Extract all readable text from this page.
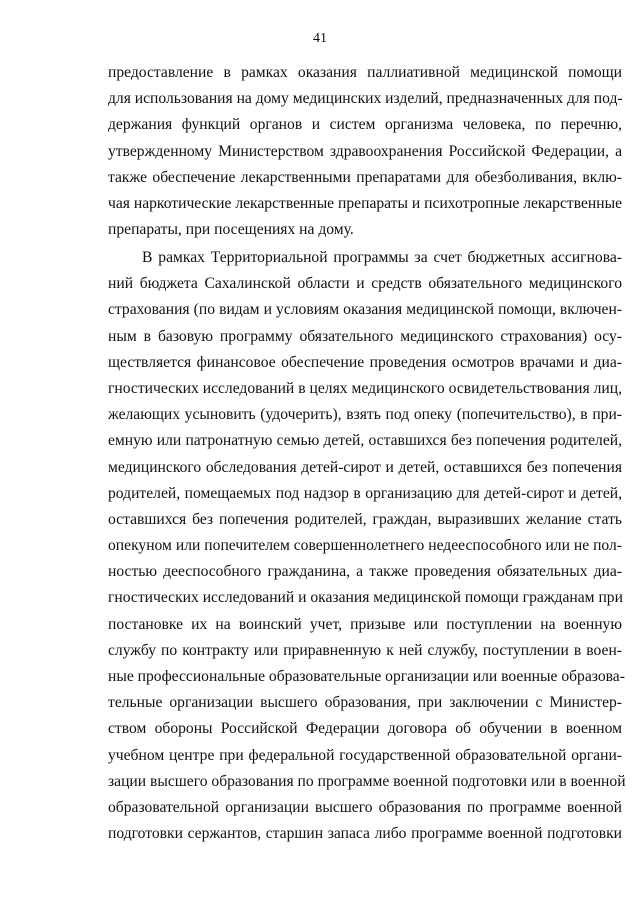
41
предоставление в рамках оказания паллиативной медицинской помощи
для использования на дому медицинских изделий, предназначенных для под-
держания функций органов и систем организма человека, по перечню,
утвержденному Министерством здравоохранения Российской Федерации, а
также обеспечение лекарственными препаратами для обезболивания, вклю-
чая наркотические лекарственные препараты и психотропные лекарственные
препараты, при посещениях на дому.
В рамках Территориальной программы за счет бюджетных ассигнова-
ний бюджета Сахалинской области и средств обязательного медицинского
страхования (по видам и условиям оказания медицинской помощи, включен-
ным в базовую программу обязательного медицинского страхования) осу-
ществляется финансовое обеспечение проведения осмотров врачами и диа-
гностических исследований в целях медицинского освидетельствования лиц,
желающих усыновить (удочерить), взять под опеку (попечительство), в при-
емную или патронатную семью детей, оставшихся без попечения родителей,
медицинского обследования детей-сирот и детей, оставшихся без попечения
родителей, помещаемых под надзор в организацию для детей-сирот и детей,
оставшихся без попечения родителей, граждан, выразивших желание стать
опекуном или попечителем совершеннолетнего недееспособного или не пол-
ностью дееспособного гражданина, а также проведения обязательных диа-
гностических исследований и оказания медицинской помощи гражданам при
постановке их на воинский учет, призыве или поступлении на военную
службу по контракту или приравненную к ней службу, поступлении в воен-
ные профессиональные образовательные организации или военные образова-
тельные организации высшего образования, при заключении с Министер-
ством обороны Российской Федерации договора об обучении в военном
учебном центре при федеральной государственной образовательной органи-
зации высшего образования по программе военной подготовки или в военной
образовательной организации высшего образования по программе военной
подготовки сержантов, старшин запаса либо программе военной подготовки
